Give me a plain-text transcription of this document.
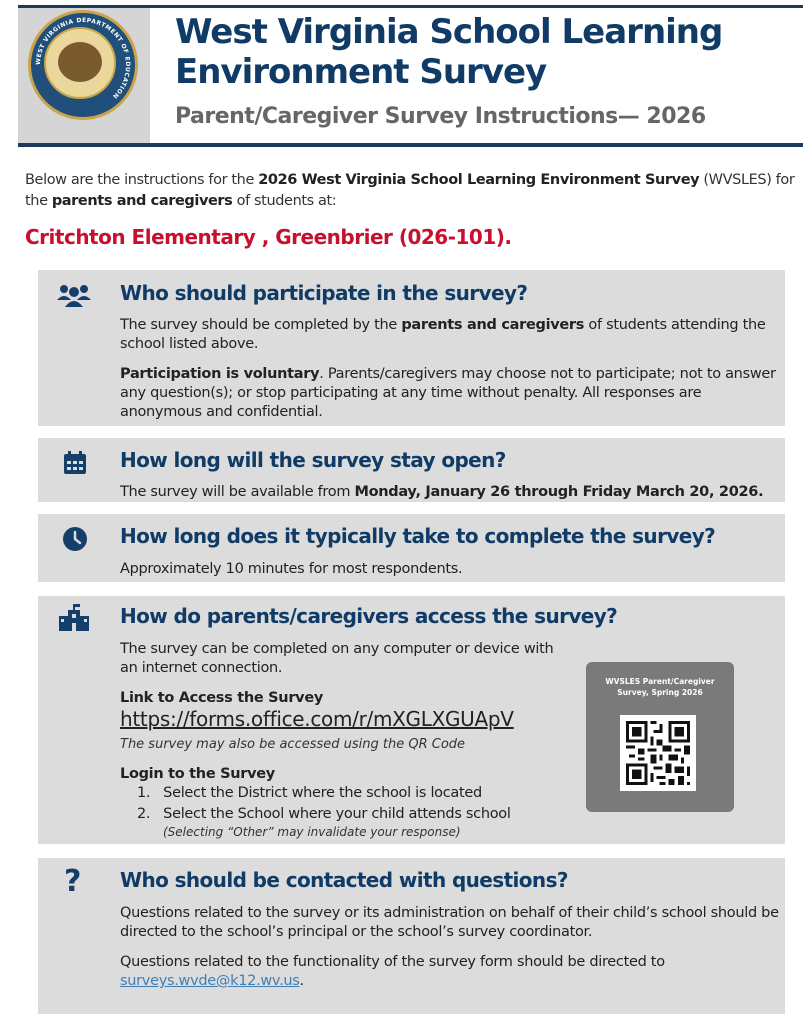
WEST VIRGINIA DEPARTMENT OF EDUCATION
West Virginia School Learning
Environment Survey
Parent/Caregiver Survey Instructions— 2026
Below are the instructions for the 2026 West Virginia School Learning Environment Survey (WVSLES) for the parents and caregivers of students at:
Critchton Elementary , Greenbrier (026-101).
Who should participate in the survey?
The survey should be completed by the parents and caregivers of students attending the school listed above.
Participation is voluntary. Parents/caregivers may choose not to participate; not to answer any question(s); or stop participating at any time without penalty. All responses are anonymous and confidential.
How long will the survey stay open?
The survey will be available from Monday, January 26 through Friday March 20, 2026.
How long does it typically take to complete the survey?
Approximately 10 minutes for most respondents.
How do parents/caregivers access the survey?
The survey can be completed on any computer or device with an internet connection.
Link to Access the Survey
https://forms.office.com/r/mXGLXGUApV
The survey may also be accessed using the QR Code
Login to the Survey
1.   Select the District where the school is located
2.   Select the School where your child attends school
(Selecting “Other” may invalidate your response)
WVSLES Parent/Caregiver Survey, Spring 2026
? Who should be contacted with questions?
Questions related to the survey or its administration on behalf of their child’s school should be directed to the school’s principal or the school’s survey coordinator.
Questions related to the functionality of the survey form should be directed to surveys.wvde@k12.wv.us.
